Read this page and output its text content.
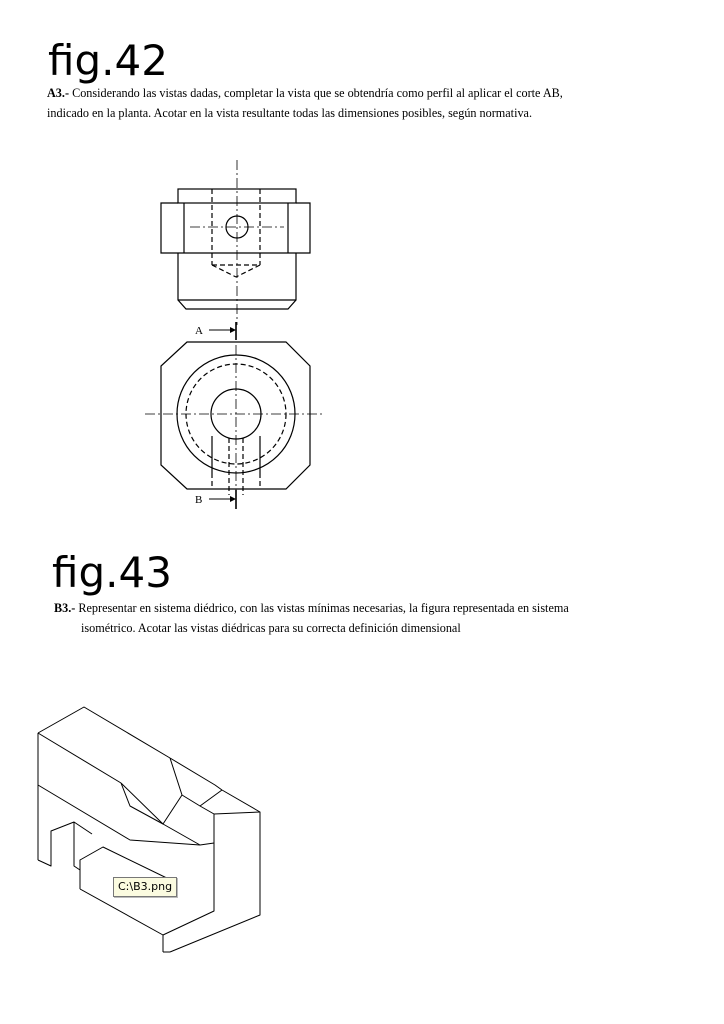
fig.42

A3.- Considerando las vistas dadas, completar la vista que se obtendría como perfil al aplicar el corte AB,
indicado en la planta. Acotar en la vista resultante todas las dimensiones posibles, según normativa.

A
B
fig.43

B3.- Representar en sistema diédrico, con las vistas mínimas necesarias, la figura representada en sistema
isométrico. Acotar las vistas diédricas para su correcta definición dimensional

C:\B3.png
